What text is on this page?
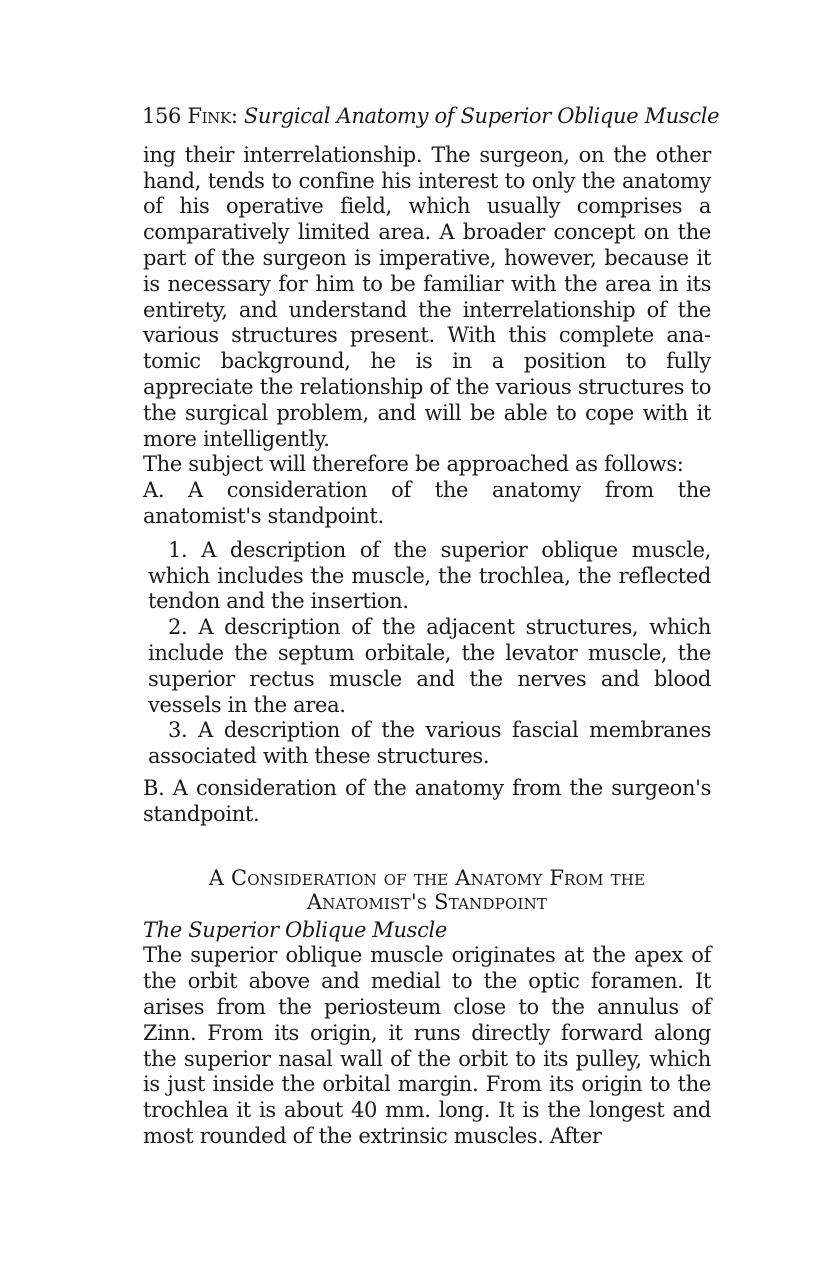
156 Fink: Surgical Anatomy of Superior Oblique Muscle

ing their interrelationship. The surgeon, on the other hand, tends to confine his interest to only the anatomy of his operative field, which usually comprises a comparatively limited area. A broader concept on the part of the surgeon is imperative, however, because it is necessary for him to be familiar with the area in its entirety, and understand the interrelationship of the various structures present. With this complete anatomic background, he is in a position to fully appreciate the relationship of the various structures to the surgical problem, and will be able to cope with it more intelligently.

The subject will therefore be approached as follows:

A. A consideration of the anatomy from the anatomist's standpoint.

1. A description of the superior oblique muscle, which includes the muscle, the trochlea, the reflected tendon and the insertion.

2. A description of the adjacent structures, which include the septum orbitale, the levator muscle, the superior rectus muscle and the nerves and blood vessels in the area.

3. A description of the various fascial membranes associated with these structures.

B. A consideration of the anatomy from the surgeon's standpoint.

A Consideration of the Anatomy From the
Anatomist's Standpoint
The Superior Oblique Muscle

The superior oblique muscle originates at the apex of the orbit above and medial to the optic foramen. It arises from the periosteum close to the annulus of Zinn. From its origin, it runs directly forward along the superior nasal wall of the orbit to its pulley, which is just inside the orbital margin. From its origin to the trochlea it is about 40 mm. long. It is the longest and most rounded of the extrinsic muscles. After
